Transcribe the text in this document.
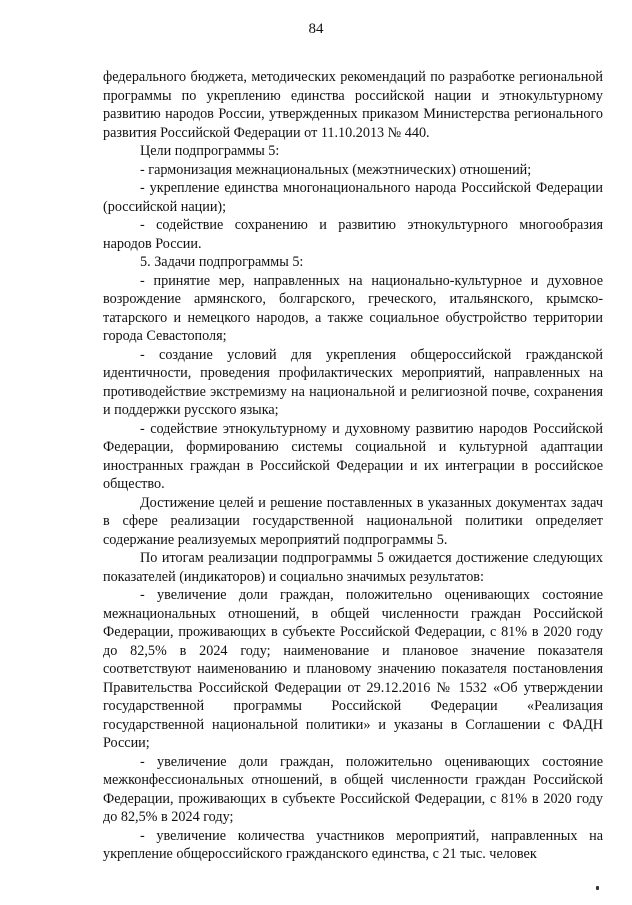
84

федерального бюджета, методических рекомендаций по разработке региональной программы по укреплению единства российской нации и этнокультурному развитию народов России, утвержденных приказом Министерства регионального развития Российской Федерации от 11.10.2013 № 440.

Цели подпрограммы 5:

- гармонизация межнациональных (межэтнических) отношений;

- укрепление единства многонационального народа Российской Федерации (российской нации);

- содействие сохранению и развитию этнокультурного многообразия народов России.

5. Задачи подпрограммы 5:

- принятие мер, направленных на национально-культурное и духовное возрождение армянского, болгарского, греческого, итальянского, крымско-татарского и немецкого народов, а также социальное обустройство территории города Севастополя;

- создание условий для укрепления общероссийской гражданской идентичности, проведения профилактических мероприятий, направленных на противодействие экстремизму на национальной и религиозной почве, сохранения и поддержки русского языка;

- содействие этнокультурному и духовному развитию народов Российской Федерации, формированию системы социальной и культурной адаптации иностранных граждан в Российской Федерации и их интеграции в российское общество.

Достижение целей и решение поставленных в указанных документах задач в сфере реализации государственной национальной политики определяет содержание реализуемых мероприятий подпрограммы 5.

По итогам реализации подпрограммы 5 ожидается достижение следующих показателей (индикаторов) и социально значимых результатов:

- увеличение доли граждан, положительно оценивающих состояние межнациональных отношений, в общей численности граждан Российской Федерации, проживающих в субъекте Российской Федерации, с 81% в 2020 году до 82,5% в 2024 году; наименование и плановое значение показателя соответствуют наименованию и плановому значению показателя постановления Правительства Российской Федерации от 29.12.2016 № 1532 «Об утверждении государственной программы Российской Федерации «Реализация государственной национальной политики» и указаны в Соглашении с ФАДН России;

- увеличение доли граждан, положительно оценивающих состояние межконфессиональных отношений, в общей численности граждан Российской Федерации, проживающих в субъекте Российской Федерации, с 81% в 2020 году до 82,5% в 2024 году;

- увеличение количества участников мероприятий, направленных на укрепление общероссийского гражданского единства, с 21 тыс. человек
